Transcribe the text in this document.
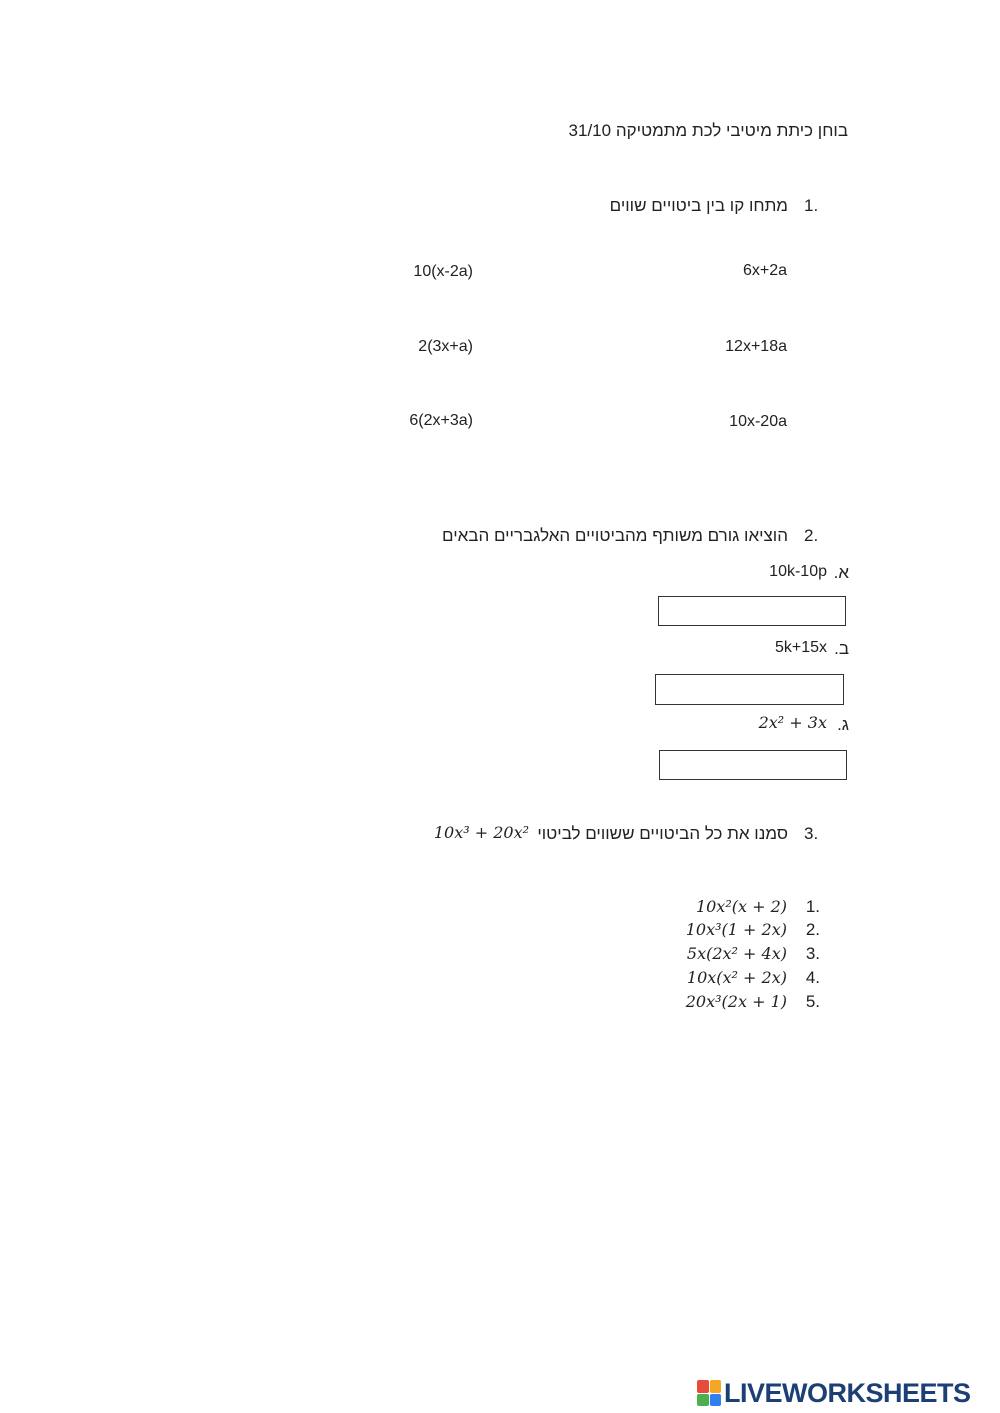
בוחן כיתת מיטיבי לכת מתמטיקה 31/10
1.
מתחו קו בין ביטויים שווים
6x+2a
12x+18a
10x-20a
10(x-2a)
2(3x+a)
6(2x+3a)
2.
הוציאו גורם משותף מהביטויים האלגבריים הבאים
א.
10k-10p
ב.
5k+15x
ג.
2x² + 3x
3.
סמנו את כל הביטויים ששווים לביטוי
10x³ + 20x²
1.
10x²(x + 2)
2.
10x³(1 + 2x)
3.
5x(2x² + 4x)
4.
10x(x² + 2x)
5.
20x³(2x + 1)
LIVEWORKSHEETS
